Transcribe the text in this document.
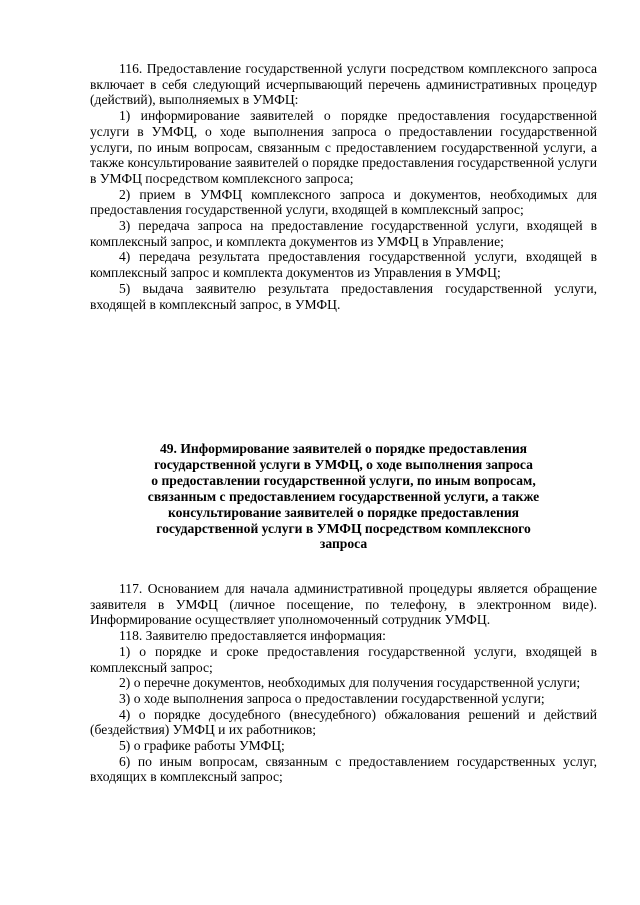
116. Предоставление государственной услуги посредством комплексного запроса включает в себя следующий исчерпывающий перечень административных процедур (действий), выполняемых в УМФЦ:

1) информирование заявителей о порядке предоставления государственной услуги в УМФЦ, о ходе выполнения запроса о предоставлении государственной услуги, по иным вопросам, связанным с предоставлением государственной услуги, а также консультирование заявителей о порядке предоставления государственной услуги в УМФЦ посредством комплексного запроса;

2) прием в УМФЦ комплексного запроса и документов, необходимых для предоставления государственной услуги, входящей в комплексный запрос;

3) передача запроса на предоставление государственной услуги, входящей в комплексный запрос, и комплекта документов из УМФЦ в Управление;

4) передача результата предоставления государственной услуги, входящей в комплексный запрос и комплекта документов из Управления в УМФЦ;

5) выдача заявителю результата предоставления государственной услуги, входящей в комплексный запрос, в УМФЦ.

49. Информирование заявителей о порядке предоставления
государственной услуги в УМФЦ, о ходе выполнения запроса
о предоставлении государственной услуги, по иным вопросам,
связанным с предоставлением государственной услуги, а также
консультирование заявителей о порядке предоставления
государственной услуги в УМФЦ посредством комплексного
запроса

117. Основанием для начала административной процедуры является обращение заявителя в УМФЦ (личное посещение, по телефону, в электронном виде). Информирование осуществляет уполномоченный сотрудник УМФЦ.

118. Заявителю предоставляется информация:

1) о порядке и сроке предоставления государственной услуги, входящей в комплексный запрос;

2) о перечне документов, необходимых для получения государственной услуги;

3) о ходе выполнения запроса о предоставлении государственной услуги;

4) о порядке досудебного (внесудебного) обжалования решений и действий (бездействия) УМФЦ и их работников;

5) о графике работы УМФЦ;

6) по иным вопросам, связанным с предоставлением государственных услуг, входящих в комплексный запрос;
